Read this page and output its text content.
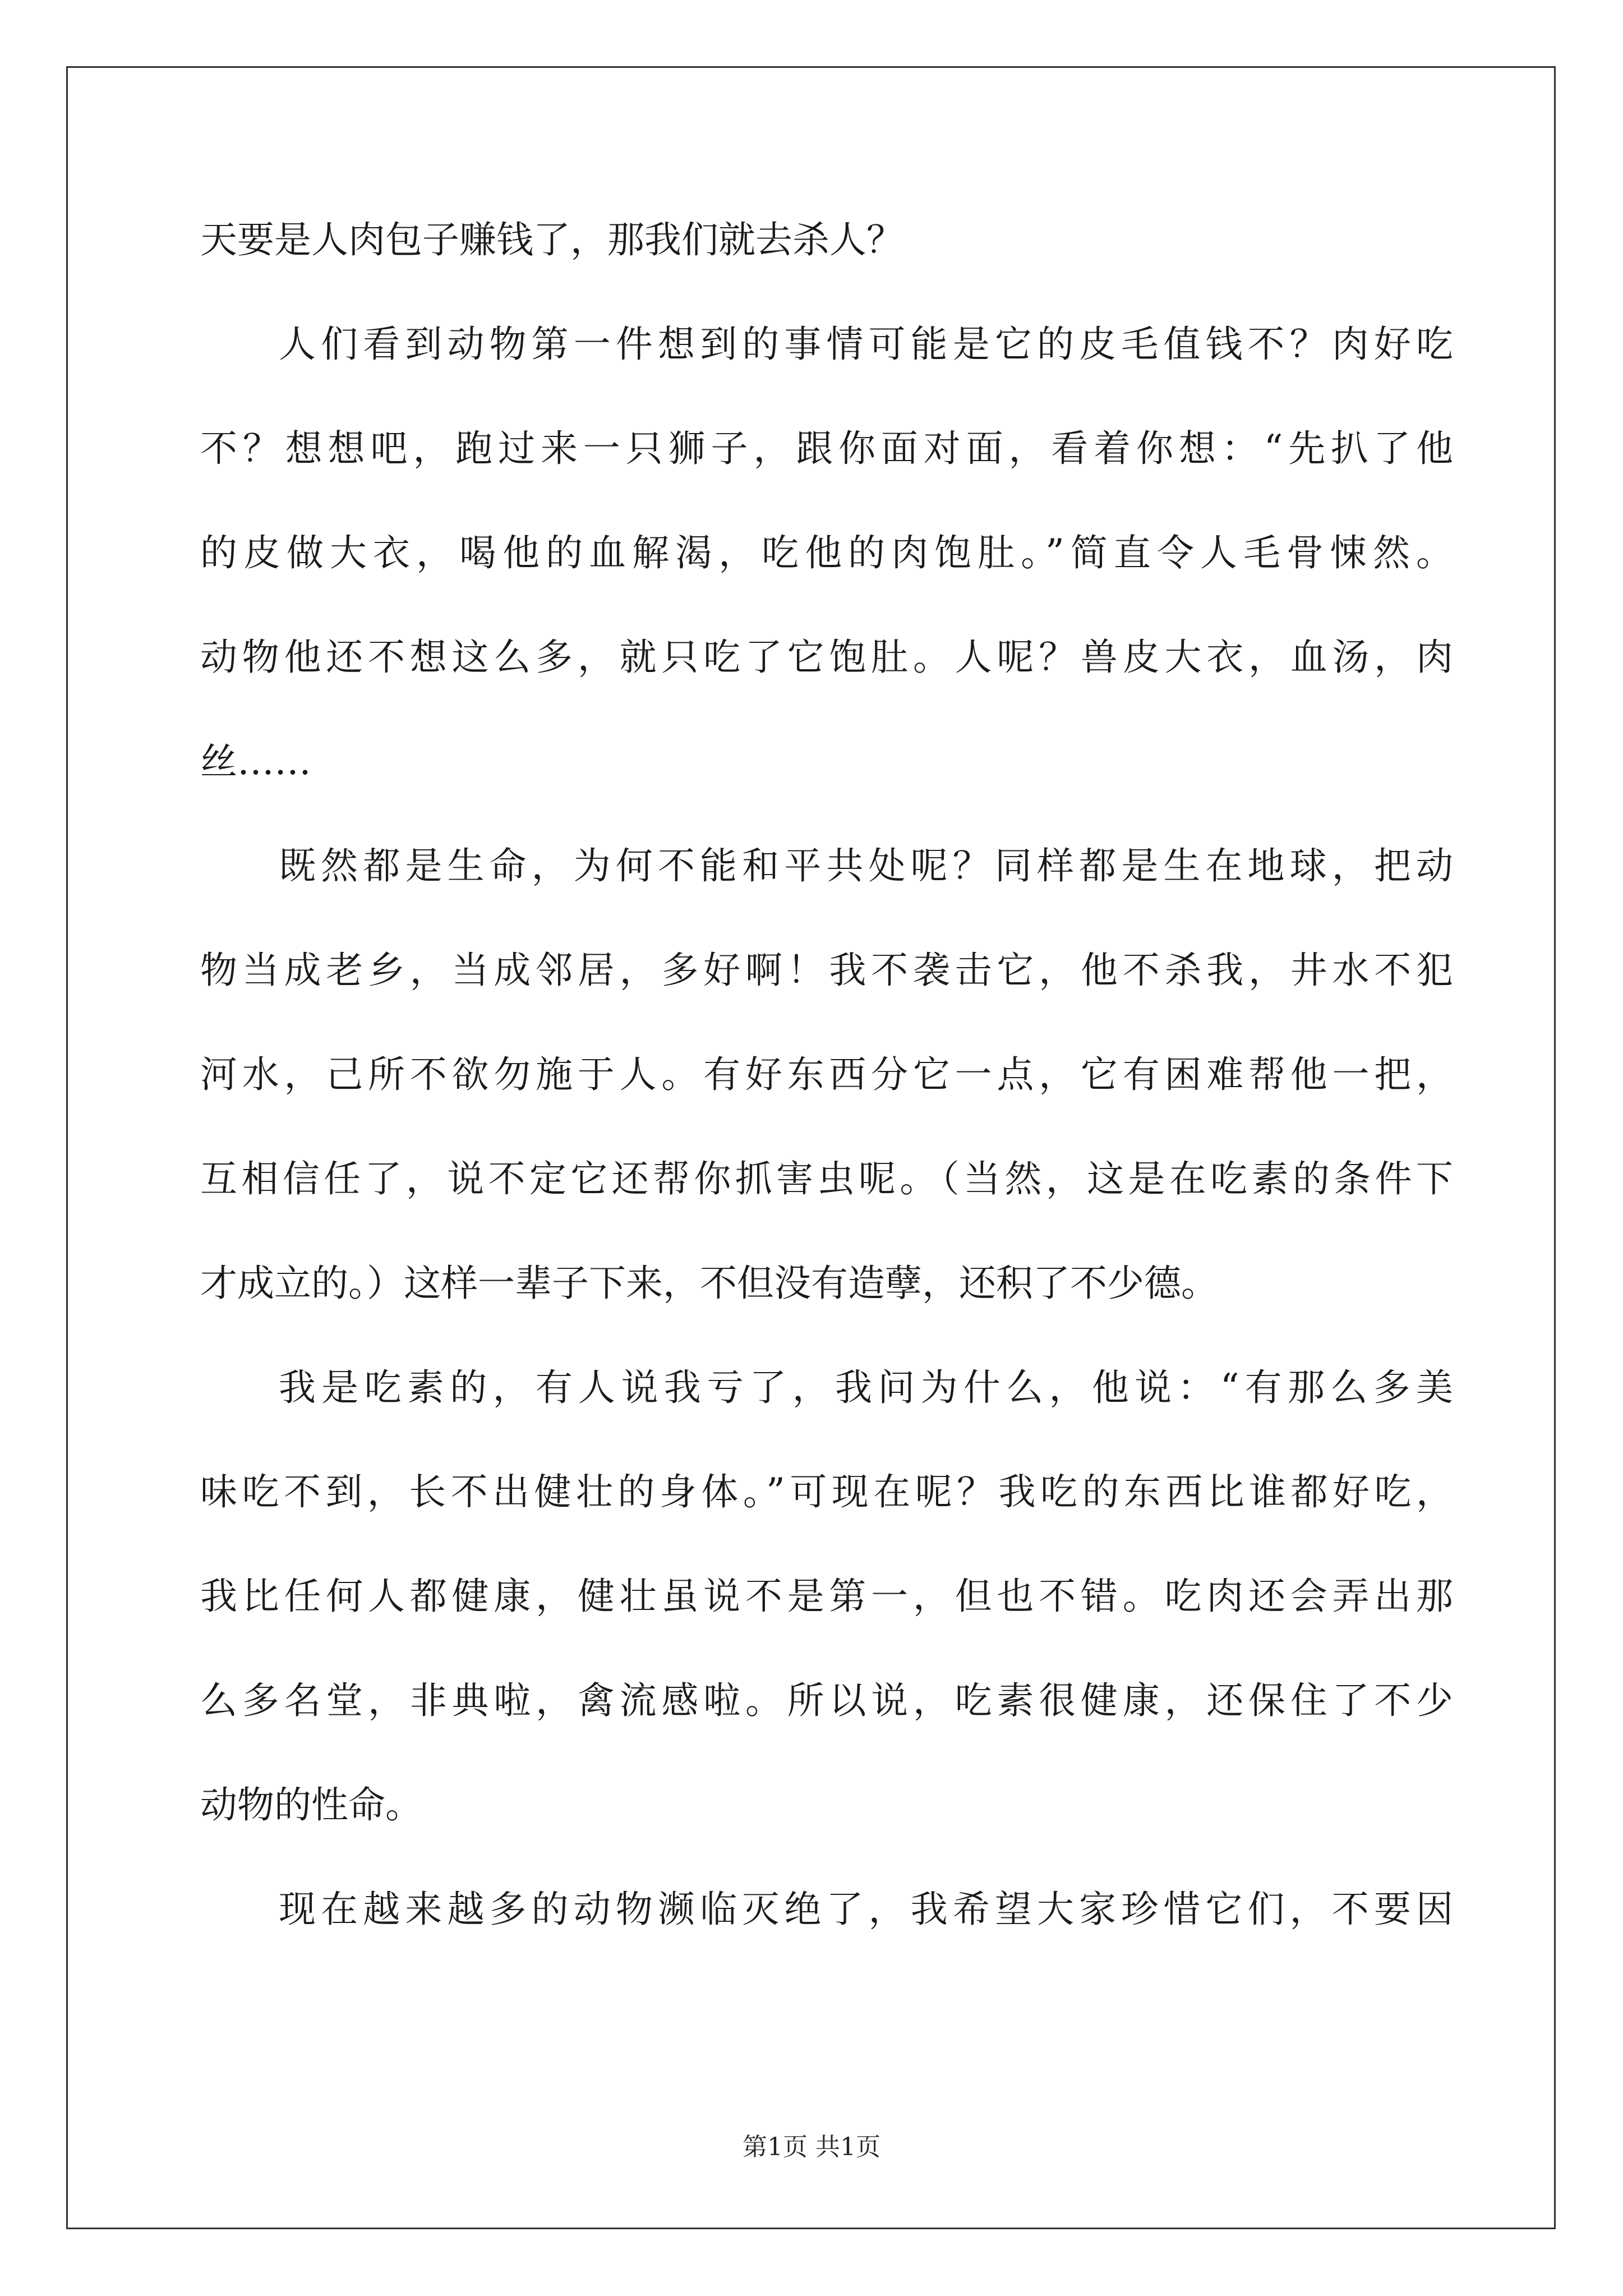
天要是人肉包子赚钱了，那我们就去杀人？
人们看到动物第一件想到的事情可能是它的皮毛值钱不？肉好吃
不？想想吧，跑过来一只狮子，跟你面对面，看着你想：“先扒了他
的皮做大衣，喝他的血解渴，吃他的肉饱肚。”简直令人毛骨悚然。
动物他还不想这么多，就只吃了它饱肚。人呢？兽皮大衣，血汤，肉
丝……
既然都是生命，为何不能和平共处呢？同样都是生在地球，把动
物当成老乡，当成邻居，多好啊！我不袭击它，他不杀我，井水不犯
河水，己所不欲勿施于人。有好东西分它一点，它有困难帮他一把，
互相信任了，说不定它还帮你抓害虫呢。（当然，这是在吃素的条件下
才成立的。）这样一辈子下来，不但没有造孽，还积了不少德。
我是吃素的，有人说我亏了，我问为什么，他说：“有那么多美
味吃不到，长不出健壮的身体。”可现在呢？我吃的东西比谁都好吃，
我比任何人都健康，健壮虽说不是第一，但也不错。吃肉还会弄出那
么多名堂，非典啦，禽流感啦。所以说，吃素很健康，还保住了不少
动物的性命。
现在越来越多的动物濒临灭绝了，我希望大家珍惜它们，不要因
第1页 共1页
